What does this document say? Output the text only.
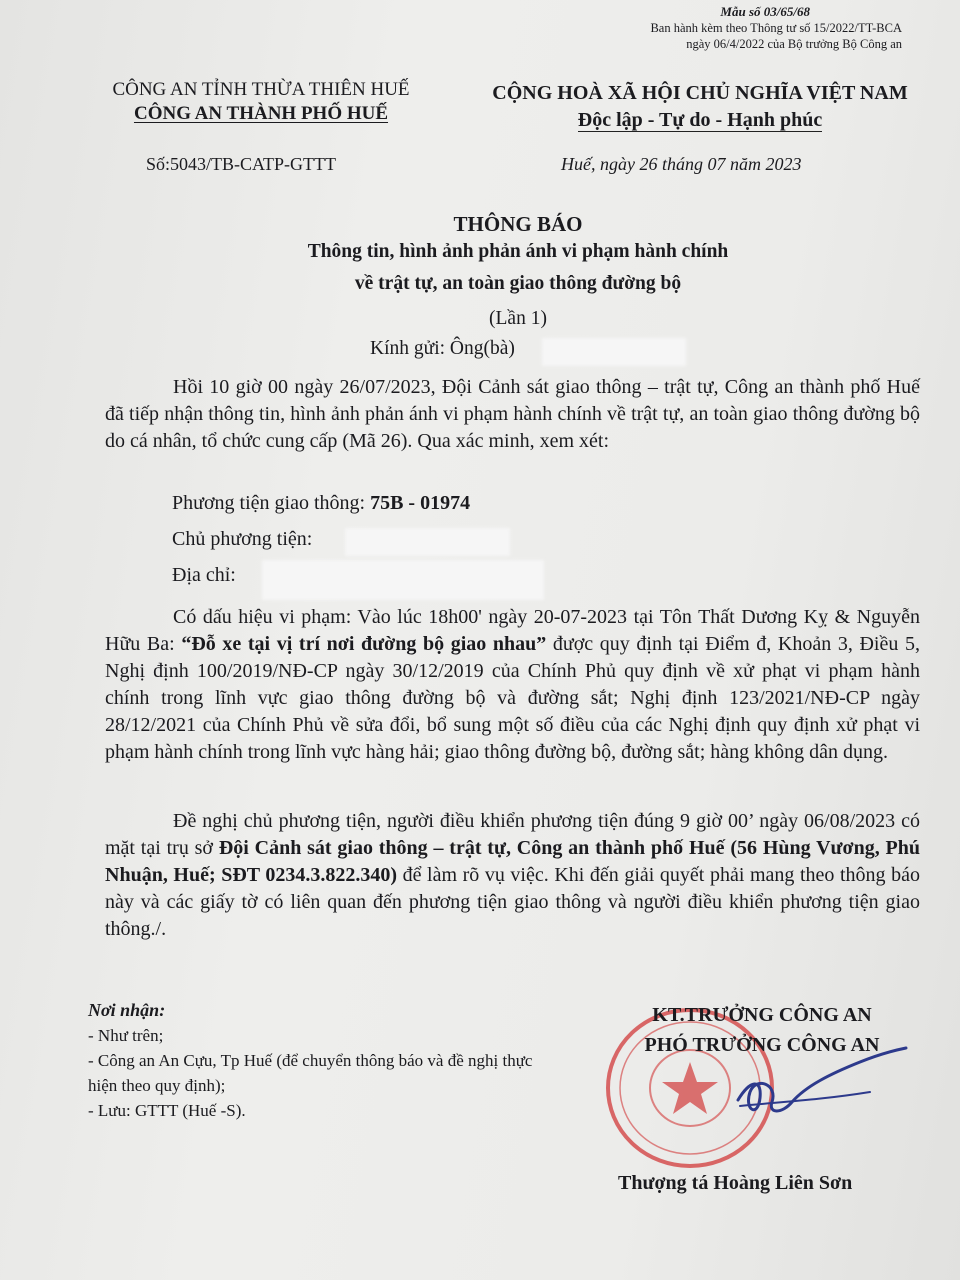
Mẫu số 03/65/68
Ban hành kèm theo Thông tư số 15/2022/TT-BCA
ngày 06/4/2022 của Bộ trưởng Bộ Công an
CÔNG AN TỈNH THỪA THIÊN HUẾ
CÔNG AN THÀNH PHỐ HUẾ
CỘNG HOÀ XÃ HỘI CHỦ NGHĨA VIỆT NAM
Độc lập - Tự do - Hạnh phúc
Số:5043/TB-CATP-GTTT	Huế, ngày 26 tháng 07 năm 2023
THÔNG BÁO
Thông tin, hình ảnh phản ánh vi phạm hành chính
về trật tự, an toàn giao thông đường bộ
(Lần 1)
Kính gửi: Ông(bà)
Hồi 10 giờ 00 ngày 26/07/2023, Đội Cảnh sát giao thông – trật tự, Công an thành phố Huế đã tiếp nhận thông tin, hình ảnh phản ánh vi phạm hành chính về trật tự, an toàn giao thông đường bộ do cá nhân, tổ chức cung cấp (Mã 26). Qua xác minh, xem xét:
Phương tiện giao thông: 75B - 01974
Chủ phương tiện:
Địa chỉ:
Có dấu hiệu vi phạm: Vào lúc 18h00' ngày 20-07-2023 tại Tôn Thất Dương Kỵ & Nguyễn Hữu Ba: “Đỗ xe tại vị trí nơi đường bộ giao nhau” được quy định tại Điểm đ, Khoản 3, Điều 5, Nghị định 100/2019/NĐ-CP ngày 30/12/2019 của Chính Phủ quy định về xử phạt vi phạm hành chính trong lĩnh vực giao thông đường bộ và đường sắt; Nghị định 123/2021/NĐ-CP ngày 28/12/2021 của Chính Phủ về sửa đổi, bổ sung một số điều của các Nghị định quy định xử phạt vi phạm hành chính trong lĩnh vực hàng hải; giao thông đường bộ, đường sắt; hàng không dân dụng.
Đề nghị chủ phương tiện, người điều khiển phương tiện đúng 9 giờ 00’ ngày 06/08/2023 có mặt tại trụ sở Đội Cảnh sát giao thông – trật tự, Công an thành phố Huế (56 Hùng Vương, Phú Nhuận, Huế; SĐT 0234.3.822.340) để làm rõ vụ việc. Khi đến giải quyết phải mang theo thông báo này và các giấy tờ có liên quan đến phương tiện giao thông và người điều khiển phương tiện giao thông./.
Nơi nhận:
- Như trên;
- Công an An Cựu, Tp Huế (để chuyển thông báo và đề nghị thực hiện theo quy định);
- Lưu: GTTT (Huế -S).
KT.TRƯỞNG CÔNG AN
PHÓ TRƯỞNG CÔNG AN
Thượng tá Hoàng Liên Sơn
